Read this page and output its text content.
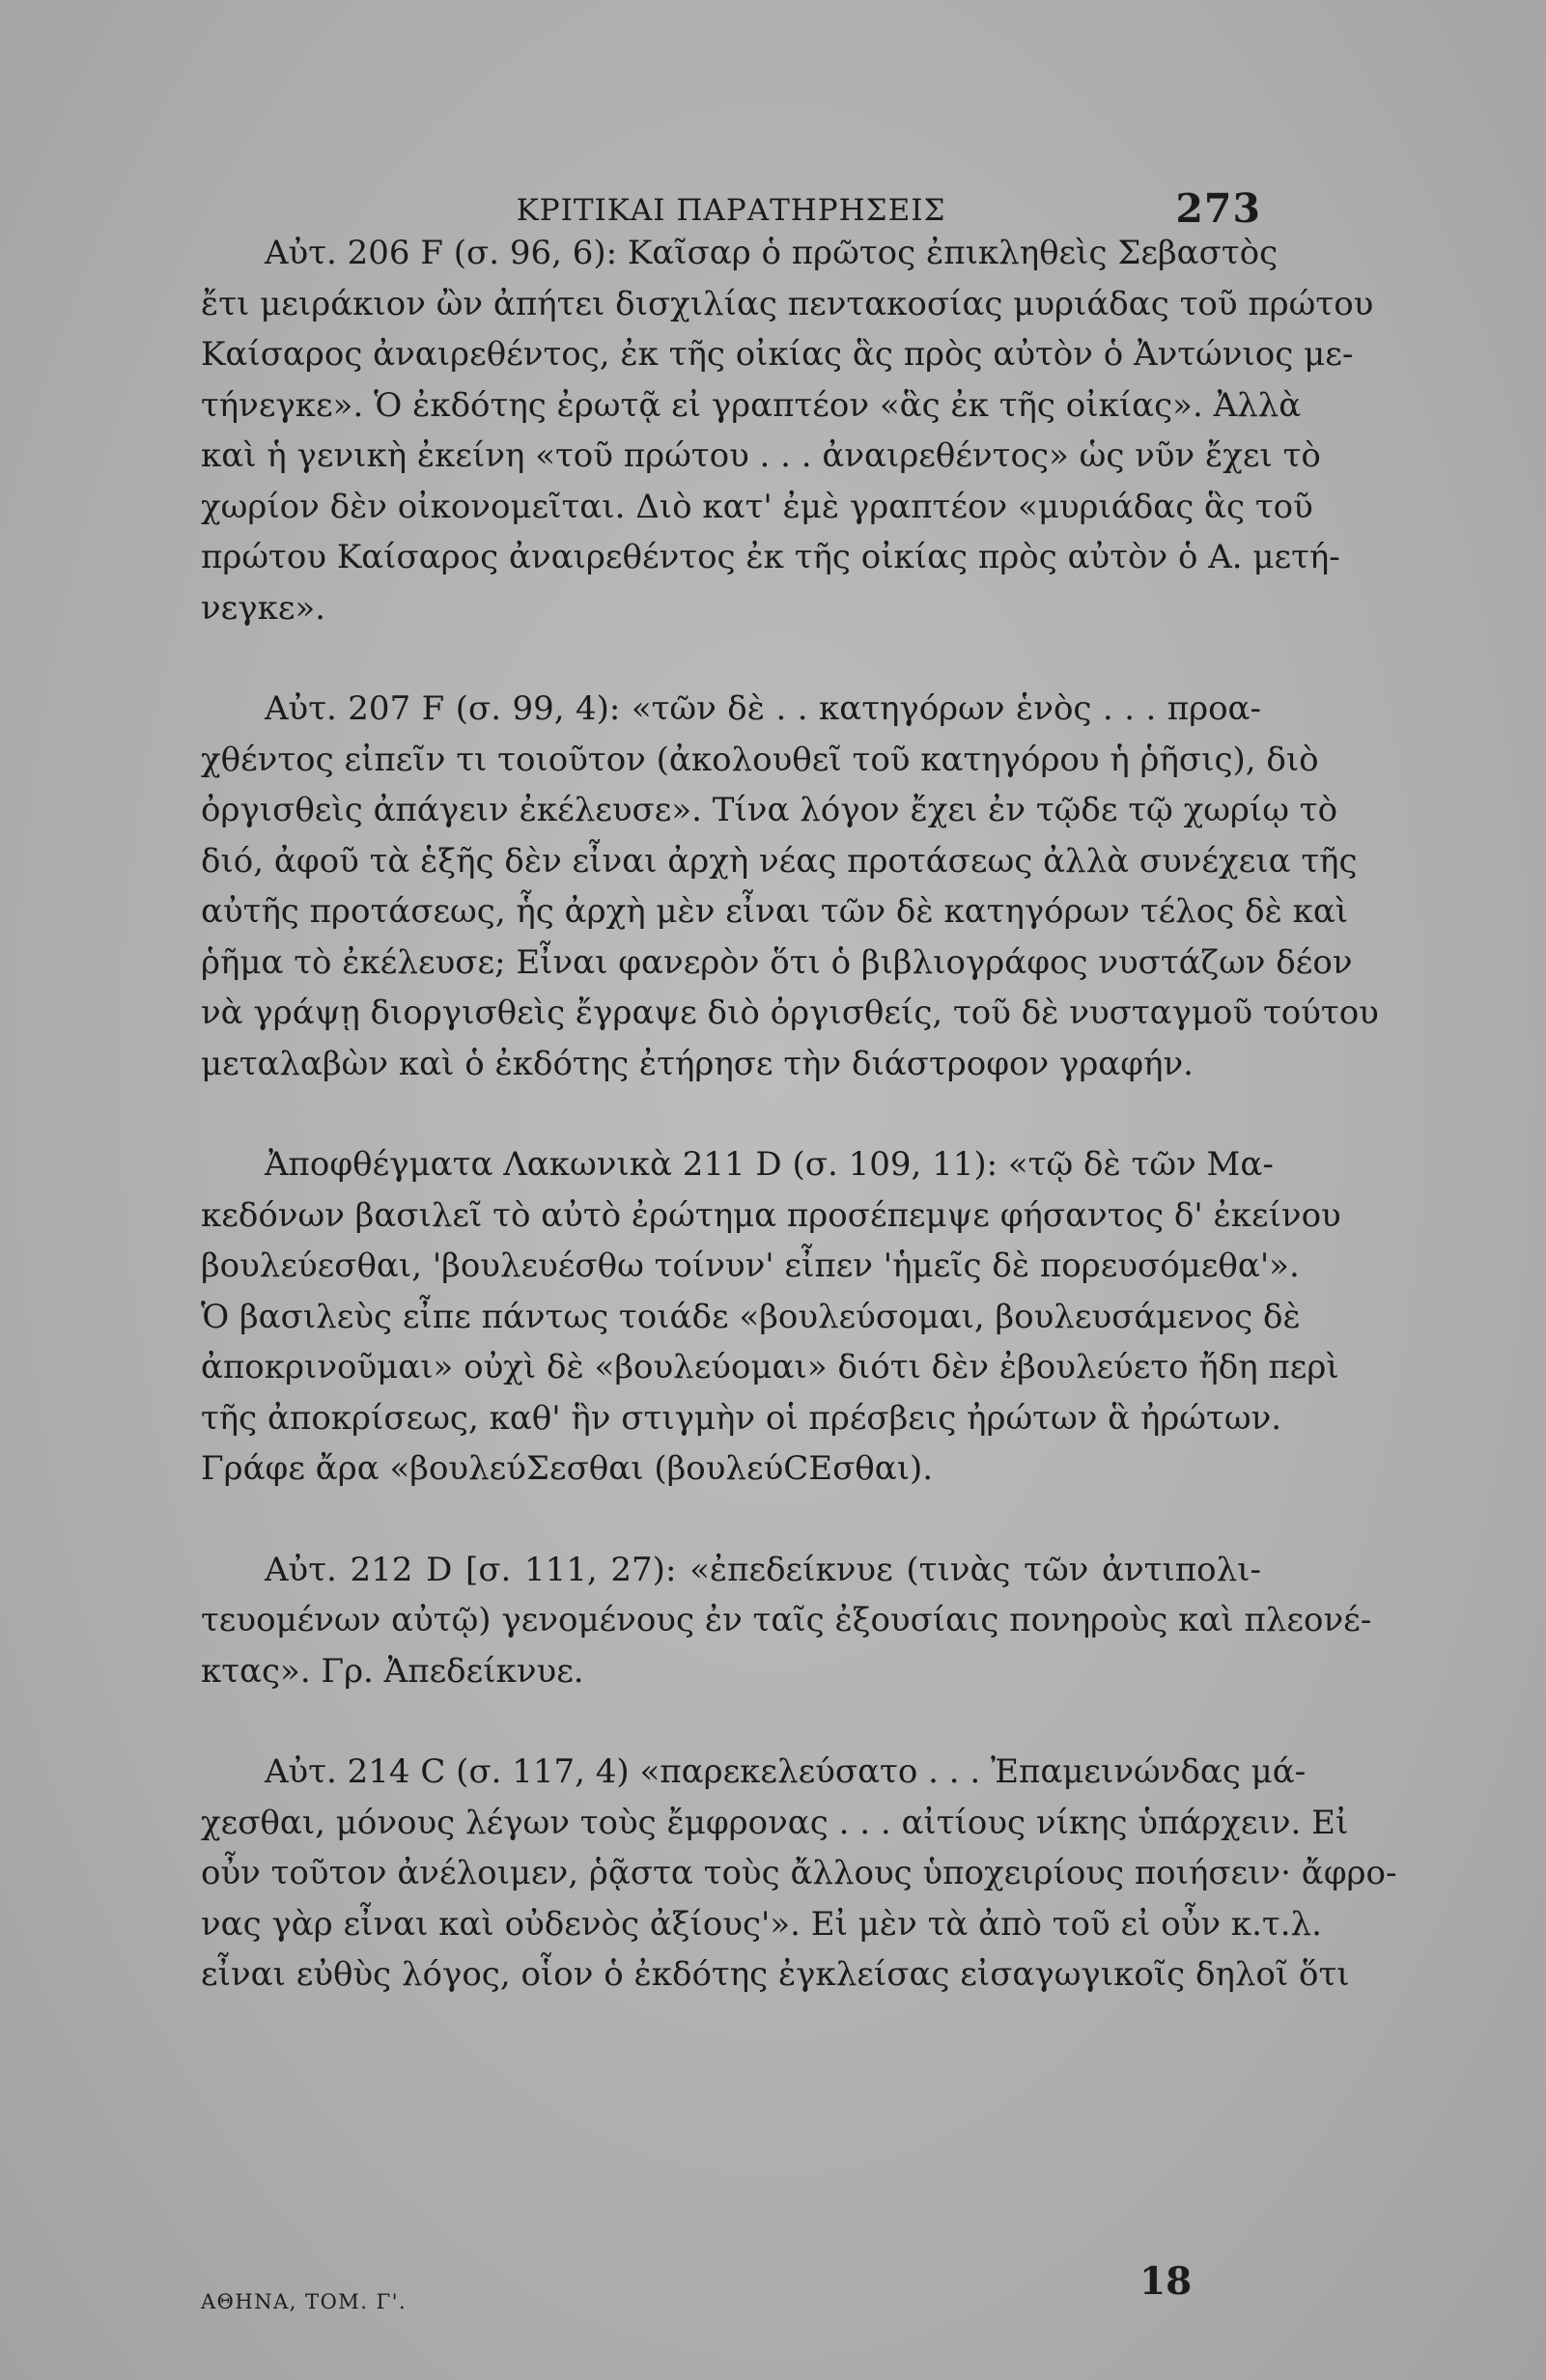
ΚΡΙΤΙΚΑΙ ΠΑΡΑΤΗΡΗΣΕΙΣ	273

Αὐτ. 206 F (σ. 96, 6): Καῖσαρ ὁ πρῶτος ἐπικληθεὶς Σεβαστὸς
ἔτι μειράκιον ὢν ἀπήτει δισχιλίας πεντακοσίας μυριάδας τοῦ πρώτου
Καίσαρος ἀναιρεθέντος, ἐκ τῆς οἰκίας ἃς πρὸς αὐτὸν ὁ Ἀντώνιος με-
τήνεγκε». Ὁ ἐκδότης ἐρωτᾷ εἰ γραπτέον «ἃς ἐκ τῆς οἰκίας». Ἀλλὰ
καὶ ἡ γενικὴ ἐκείνη «τοῦ πρώτου . . . ἀναιρεθέντος» ὡς νῦν ἔχει τὸ
χωρίον δὲν οἰκονομεῖται. Διὸ κατ' ἐμὲ γραπτέον «μυριάδας ἃς τοῦ
πρώτου Καίσαρος ἀναιρεθέντος ἐκ τῆς οἰκίας πρὸς αὐτὸν ὁ Α. μετή-
νεγκε».

Αὐτ. 207 F (σ. 99, 4): «τῶν δὲ . . κατηγόρων ἑνὸς . . . προα-
χθέντος εἰπεῖν τι τοιοῦτον (ἀκολουθεῖ τοῦ κατηγόρου ἡ ῥῆσις), διὸ
ὀργισθεὶς ἀπάγειν ἐκέλευσε». Τίνα λόγον ἔχει ἐν τῷδε τῷ χωρίῳ τὸ
διό, ἀφοῦ τὰ ἑξῆς δὲν εἶναι ἀρχὴ νέας προτάσεως ἀλλὰ συνέχεια τῆς
αὐτῆς προτάσεως, ἧς ἀρχὴ μὲν εἶναι τῶν δὲ κατηγόρων τέλος δὲ καὶ
ῥῆμα τὸ ἐκέλευσε; Εἶναι φανερὸν ὅτι ὁ βιβλιογράφος νυστάζων δέον
νὰ γράψῃ διοργισθεὶς ἔγραψε διὸ ὀργισθείς, τοῦ δὲ νυσταγμοῦ τούτου
μεταλαβὼν καὶ ὁ ἐκδότης ἐτήρησε τὴν διάστροφον γραφήν.

Ἀποφθέγματα Λακωνικὰ 211 D (σ. 109, 11): «τῷ δὲ τῶν Μα-
κεδόνων βασιλεῖ τὸ αὐτὸ ἐρώτημα προσέπεμψε φήσαντος δ' ἐκείνου
βουλεύεσθαι, 'βουλευέσθω τοίνυν' εἶπεν 'ἡμεῖς δὲ πορευσόμεθα'».
Ὁ βασιλεὺς εἶπε πάντως τοιάδε «βουλεύσομαι, βουλευσάμενος δὲ
ἀποκρινοῦμαι» οὐχὶ δὲ «βουλεύομαι» διότι δὲν ἐβουλεύετο ἤδη περὶ
τῆς ἀποκρίσεως, καθ' ἣν στιγμὴν οἱ πρέσβεις ἠρώτων ἃ ἠρώτων.
Γράφε ἄρα «βουλεύΣεσθαι (βουλεύCΕσθαι).

Αὐτ. 212 D [σ. 111, 27): «ἐπεδείκνυε (τινὰς τῶν ἀντιπολι-
τευομένων αὐτῷ) γενομένους ἐν ταῖς ἐξουσίαις πονηροὺς καὶ πλεονέ-
κτας». Γρ. Ἀπεδείκνυε.

Αὐτ. 214 C (σ. 117, 4) «παρεκελεύσατο . . . Ἐπαμεινώνδας μά-
χεσθαι, μόνους λέγων τοὺς ἔμφρονας . . . αἰτίους νίκης ὑπάρχειν. Εἰ
οὖν τοῦτον ἀνέλοιμεν, ῥᾷστα τοὺς ἄλλους ὑποχειρίους ποιήσειν· ἄφρο-
νας γὰρ εἶναι καὶ οὐδενὸς ἀξίους'». Εἰ μὲν τὰ ἀπὸ τοῦ εἰ οὖν κ.τ.λ.
εἶναι εὐθὺς λόγος, οἷον ὁ ἐκδότης ἐγκλείσας εἰσαγωγικοῖς δηλοῖ ὅτι

ΑΘΗΝΑ, ΤΟΜ. Γ'.	18
